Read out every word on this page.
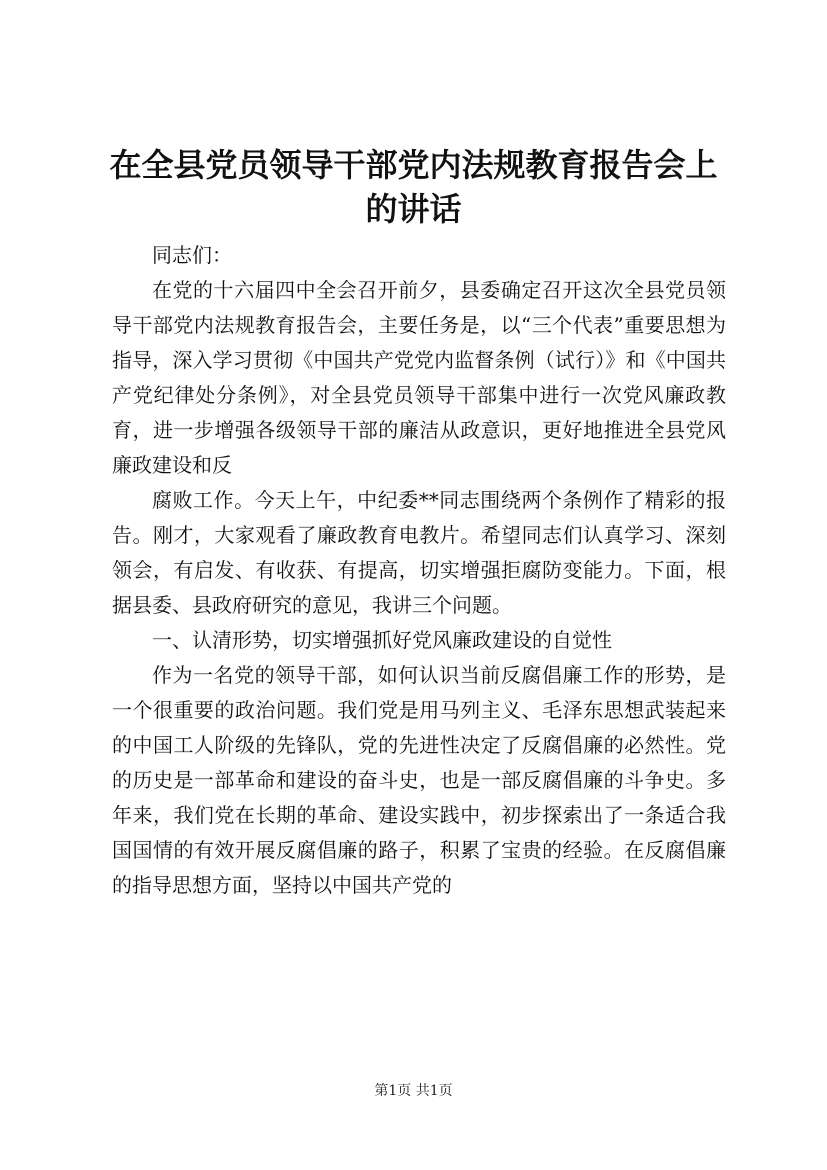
在全县党员领导干部党内法规教育报告会上的讲话

同志们：

在党的十六届四中全会召开前夕，县委确定召开这次全县党员领导干部党内法规教育报告会，主要任务是，以“三个代表”重要思想为指导，深入学习贯彻《中国共产党党内监督条例（试行）》和《中国共产党纪律处分条例》，对全县党员领导干部集中进行一次党风廉政教育，进一步增强各级领导干部的廉洁从政意识，更好地推进全县党风廉政建设和反

腐败工作。今天上午，中纪委**同志围绕两个条例作了精彩的报告。刚才，大家观看了廉政教育电教片。希望同志们认真学习、深刻领会，有启发、有收获、有提高，切实增强拒腐防变能力。下面，根据县委、县政府研究的意见，我讲三个问题。

一、认清形势，切实增强抓好党风廉政建设的自觉性

作为一名党的领导干部，如何认识当前反腐倡廉工作的形势，是一个很重要的政治问题。我们党是用马列主义、毛泽东思想武装起来的中国工人阶级的先锋队，党的先进性决定了反腐倡廉的必然性。党的历史是一部革命和建设的奋斗史，也是一部反腐倡廉的斗争史。多年来，我们党在长期的革命、建设实践中，初步探索出了一条适合我国国情的有效开展反腐倡廉的路子，积累了宝贵的经验。在反腐倡廉的指导思想方面，坚持以中国共产党的

第1页 共1页
